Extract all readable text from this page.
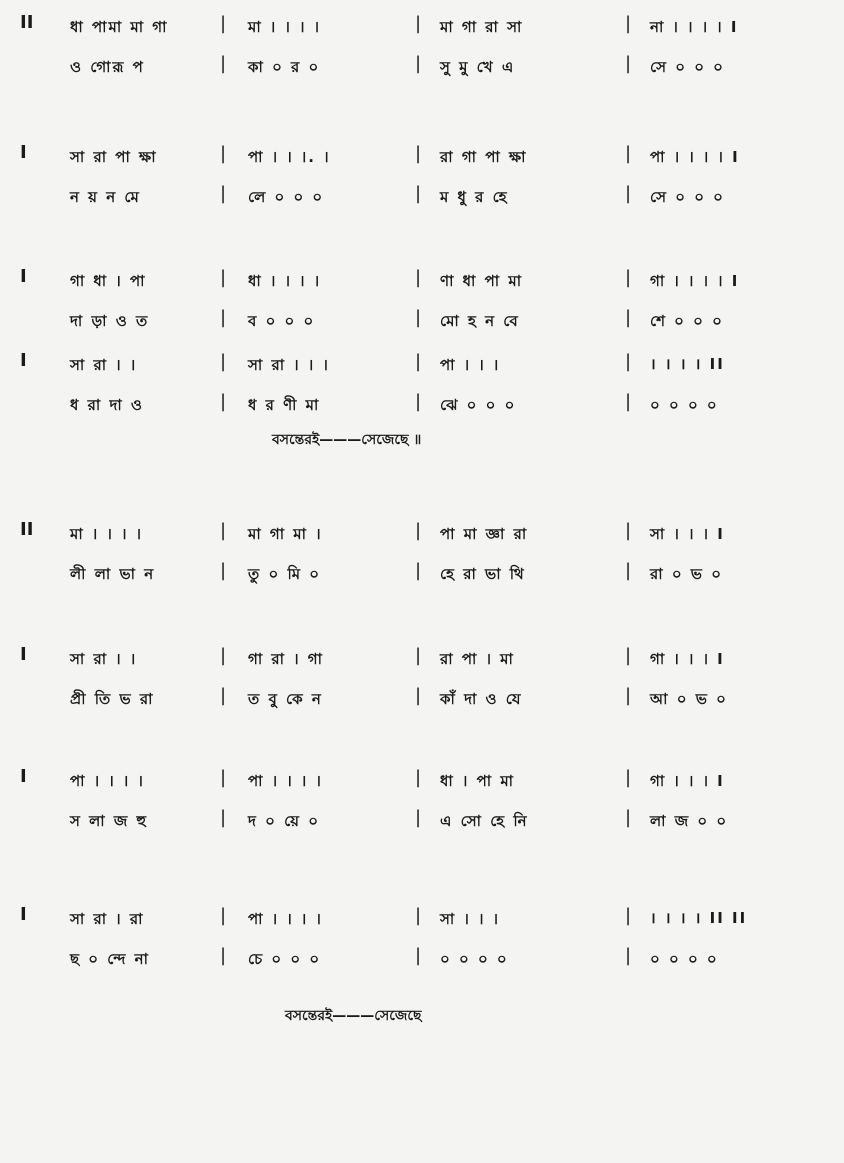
II ধা পামা মা গা	মা । । । ।	মা গা রা সা	না । । । । I
|	|	|
ও গোরূ প	কা ০ র ০	সু মু খে এ	সে ০ ০ ০
|	|	|
I	সা রা পা ক্ষা	পা । । ।. ।	রা গা পা ক্ষা	পা । । । । I
|	|	|
ন য় ন মে	লে ০ ০ ০	ম ধু র হে	সে ০ ০ ০
|	|	|
I	গা ধা । পা	ধা । । । ।	ণা ধা পা মা	গা । । । । I
|	|	|
দা ড়া ও ত	ব ০ ০ ০	মো হ ন বে	শে ০ ০ ০
|	|	|
I	সা রা । ।	সা রা । । ।	পা । । ।	। । । । II
|	|	|
ধ রা দা ও	ধ র ণী মা	ঝে ০ ০ ০	০ ০ ০ ০
|	|	|
II মা । । । ।	মা গা মা ।	পা মা জ্ঞা রা	সা । । । I
|	|	|
লী লা ভা ন	তু ০ মি ০	হে রা ভা থি	রা ০ ভ ০
|	|	|
I	সা রা । ।	গা রা । গা	রা পা । মা	গা । । । I
|	|	|
প্রী তি ভ রা	ত বু কে ন	কাঁ দা ও যে	আ ০ ভ ০
|	|	|
I	পা । । । ।	পা । । । ।	ধা । পা মা	গা । । । I
|	|	|
স লা জ হু	দ ০ য়ে ০	এ সো হে নি	লা জ ০ ০
|	|	|
I	সা রা । রা	পা । । । ।	সা । । ।	। । । । II II
|	|	|
ছ ০ ন্দে না	চে ০ ০ ০	০ ০ ০ ০	০ ০ ০ ০
|	|	|
বসন্তেরই———সেজেছে ॥
বসন্তেরই———সেজেছে
